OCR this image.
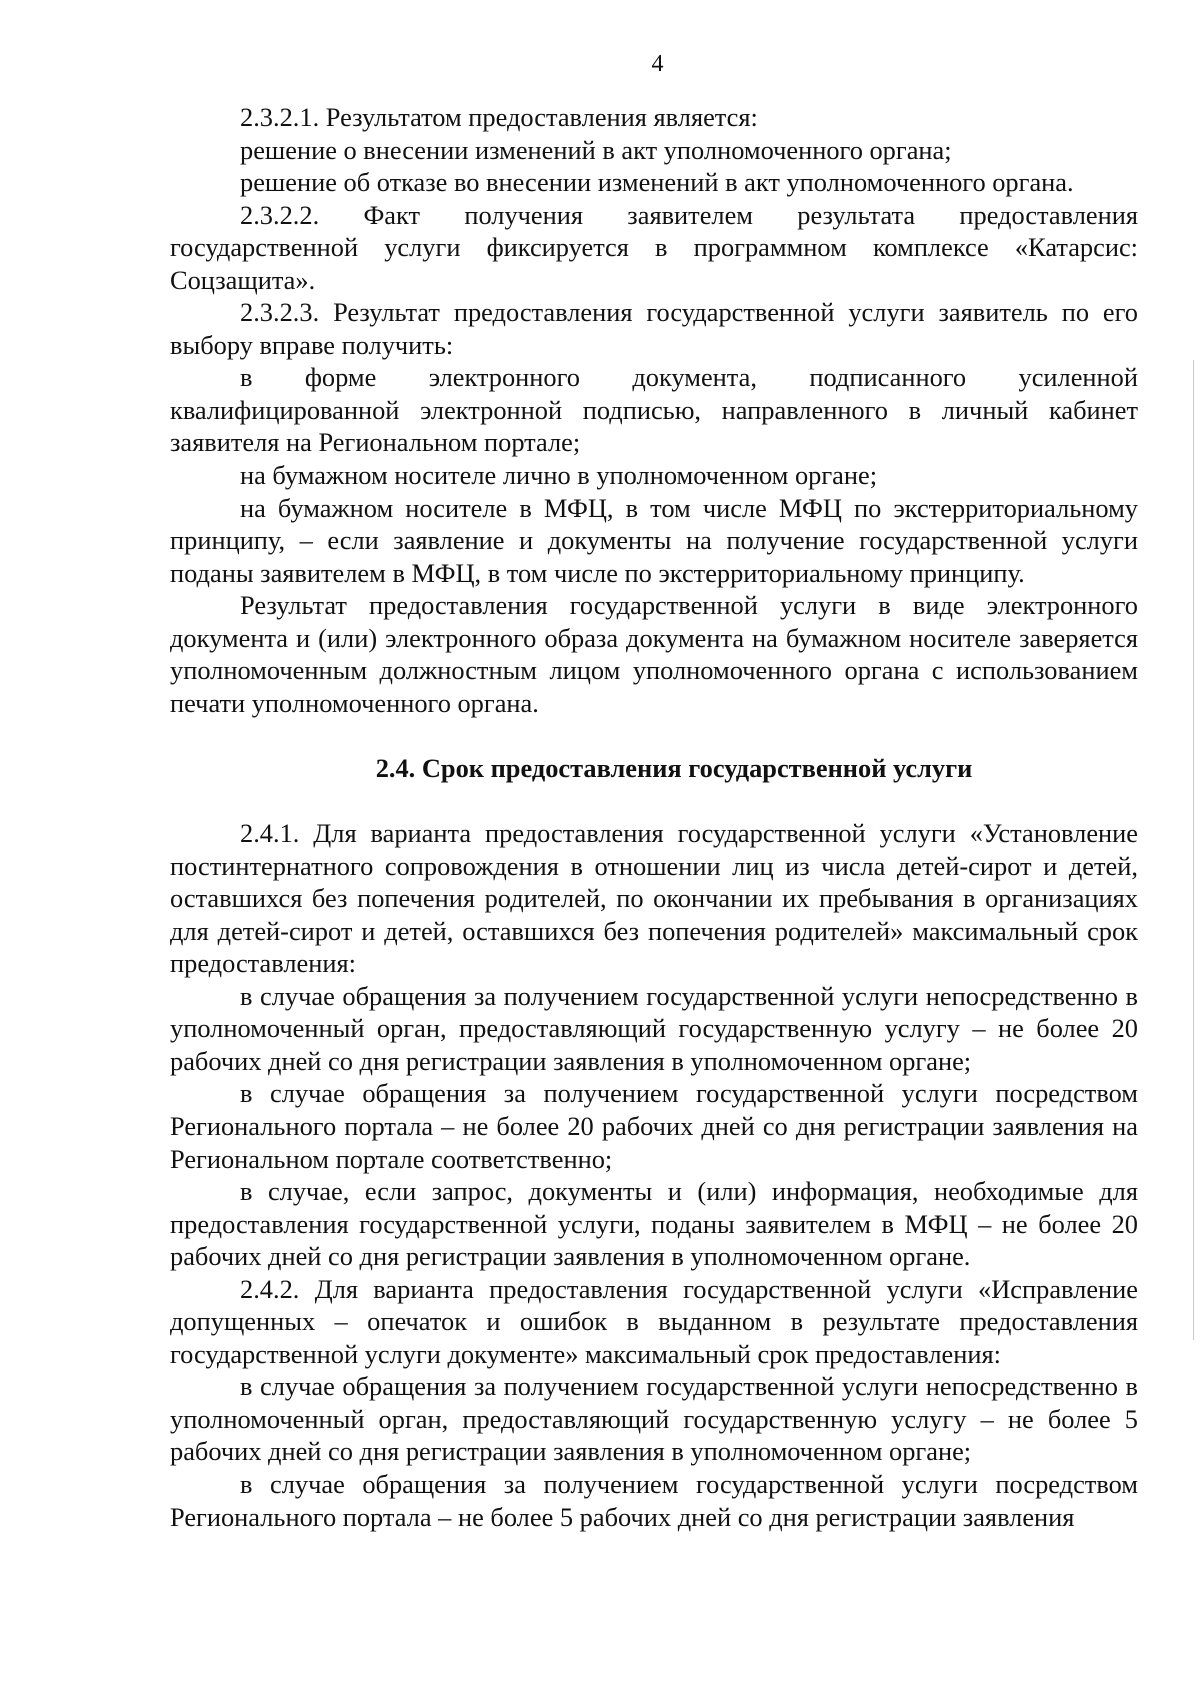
4

2.3.2.1. Результатом предоставления является:

решение о внесении изменений в акт уполномоченного органа;

решение об отказе во внесении изменений в акт уполномоченного органа.

2.3.2.2. Факт получения заявителем результата предоставления государственной услуги фиксируется в программном комплексе «Катарсис: Соцзащита».

2.3.2.3. Результат предоставления государственной услуги заявитель по его выбору вправе получить:

в форме электронного документа, подписанного усиленной квалифицированной электронной подписью, направленного в личный кабинет заявителя на Региональном портале;

на бумажном носителе лично в уполномоченном органе;

на бумажном носителе в МФЦ, в том числе МФЦ по экстерриториальному принципу, – если заявление и документы на получение государственной услуги поданы заявителем в МФЦ, в том числе по экстерриториальному принципу.

Результат предоставления государственной услуги в виде электронного документа и (или) электронного образа документа на бумажном носителе заверяется уполномоченным должностным лицом уполномоченного органа с использованием печати уполномоченного органа.

2.4. Срок предоставления государственной услуги

2.4.1. Для варианта предоставления государственной услуги «Установление постинтернатного сопровождения в отношении лиц из числа детей-сирот и детей, оставшихся без попечения родителей, по окончании их пребывания в организациях для детей-сирот и детей, оставшихся без попечения родителей» максимальный срок предоставления:

в случае обращения за получением государственной услуги непосредственно в уполномоченный орган, предоставляющий государственную услугу – не более 20 рабочих дней со дня регистрации заявления в уполномоченном органе;

в случае обращения за получением государственной услуги посредством Регионального портала – не более 20 рабочих дней со дня регистрации заявления на Региональном портале соответственно;

в случае, если запрос, документы и (или) информация, необходимые для предоставления государственной услуги, поданы заявителем в МФЦ – не более 20 рабочих дней со дня регистрации заявления в уполномоченном органе.

2.4.2. Для варианта предоставления государственной услуги «Исправление допущенных – опечаток и ошибок в выданном в результате предоставления государственной услуги документе» максимальный срок предоставления:

в случае обращения за получением государственной услуги непосредственно в уполномоченный орган, предоставляющий государственную услугу – не более 5 рабочих дней со дня регистрации заявления в уполномоченном органе;

в случае обращения за получением государственной услуги посредством Регионального портала – не более 5 рабочих дней со дня регистрации заявления
